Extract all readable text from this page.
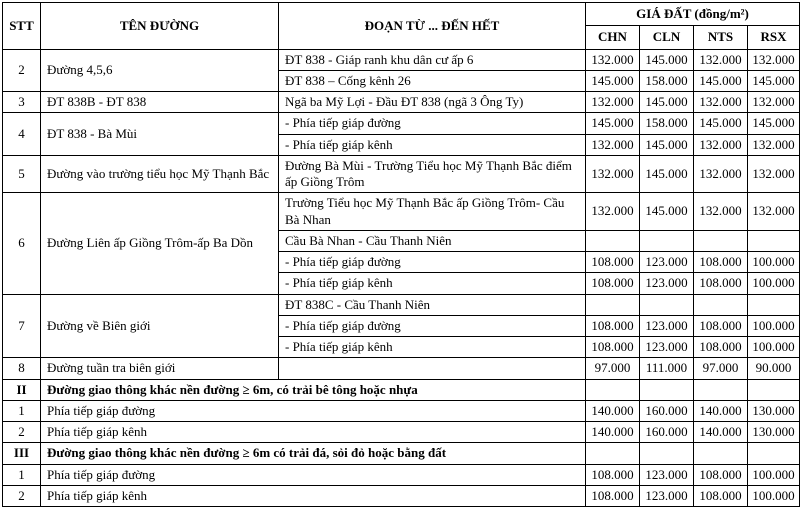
STT	TÊN ĐƯỜNG	ĐOẠN TỪ ... ĐẾN HẾT	GIÁ ĐẤT (đồng/m²)			
			CHN	CLN	NTS	RSX
2	Đường 4,5,6	ĐT 838 - Giáp ranh khu dân cư ấp 6	132.000	145.000	132.000	132.000
		ĐT 838 – Cống kênh 26	145.000	158.000	145.000	145.000
3	ĐT 838B - ĐT 838	Ngã ba Mỹ Lợi - Đầu ĐT 838 (ngã 3 Ông Ty)	132.000	145.000	132.000	132.000
4	ĐT 838 - Bà Mùi	- Phía tiếp giáp đường	145.000	158.000	145.000	145.000
		- Phía tiếp giáp kênh	132.000	145.000	132.000	132.000
5	Đường vào trường tiểu học Mỹ Thạnh Bắc	Đường Bà Mùi - Trường Tiểu học Mỹ Thạnh Bắc điểm ấp Giồng Trôm	132.000	145.000	132.000	132.000
6	Đường Liên ấp Giồng Trôm-ấp Ba Dồn	Trường Tiểu học Mỹ Thạnh Bắc ấp Giồng Trôm- Cầu Bà Nhan	132.000	145.000	132.000	132.000
		Cầu Bà Nhan - Cầu Thanh Niên				
		- Phía tiếp giáp đường	108.000	123.000	108.000	100.000
		- Phía tiếp giáp kênh	108.000	123.000	108.000	100.000
7	Đường về Biên giới	ĐT 838C - Cầu Thanh Niên				
		- Phía tiếp giáp đường	108.000	123.000	108.000	100.000
		- Phía tiếp giáp kênh	108.000	123.000	108.000	100.000
8	Đường tuần tra biên giới		97.000	111.000	97.000	90.000
II	Đường giao thông khác nền đường ≥ 6m, có trải bê tông hoặc nhựa					
1	Phía tiếp giáp đường		140.000	160.000	140.000	130.000
2	Phía tiếp giáp kênh		140.000	160.000	140.000	130.000
III	Đường giao thông khác nền đường ≥ 6m có trải đá, sỏi đỏ hoặc bằng đất					
1	Phía tiếp giáp đường		108.000	123.000	108.000	100.000
2	Phía tiếp giáp kênh		108.000	123.000	108.000	100.000
